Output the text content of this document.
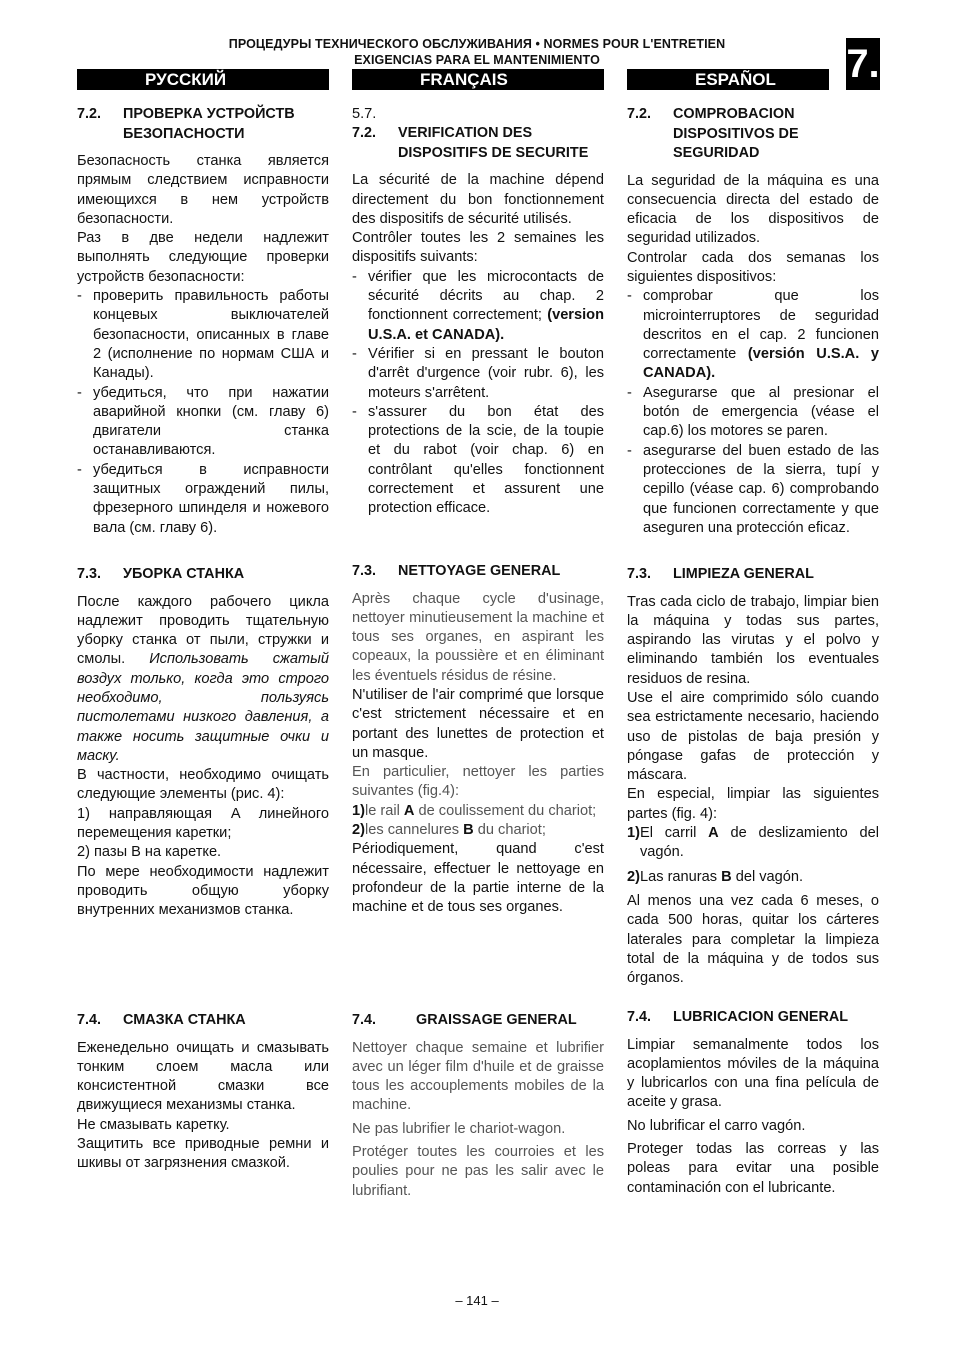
ПРОЦЕДУРЫ ТЕХНИЧЕСКОГО ОБСЛУЖИВАНИЯ • NORMES POUR L'ENTRETIEN
EXIGENCIAS PARA EL MANTENIMIENTO	7.
РУССКИЙ	FRANÇAIS	ESPAÑOL
7.2.	ПРОВЕРКА УСТРОЙСТВ БЕЗОПАСНОСТИ

Безопасность станка является прямым следствием исправности имеющихся в нем устройств безопасности.

Раз в две недели надлежит выполнять следующие проверки устройств безопасности:

- проверить правильность работы концевых выключателей безопасности, описанных в главе 2 (исполнение по нормам США и Канады).
- убедиться, что при нажатии аварийной кнопки (см. главу 6) двигатели станка останавливаются.
- убедиться в исправности защитных ограждений пилы, фрезерного шпинделя и ножевого вала (см. главу 6).
7.3.	УБОРКА СТАНКА

После каждого рабочего цикла надлежит проводить тщательную уборку станка от пыли, стружки и смолы. Использовать сжатый воздух только, когда это строго необходимо, пользуясь пистолетами низкого давления, а также носить защитные очки и маску.

В частности, необходимо очищать следующие элементы (рис. 4):

1) направляющая A линейного перемещения каретки;

2) пазы B на каретке.

По мере необходимости надлежит проводить общую уборку внутренних механизмов станка.

7.4.	СМАЗКА СТАНКА

Еженедельно очищать и смазывать тонким слоем масла или консистентной смазки все движущиеся механизмы станка.

Не смазывать каретку.

Защитить все приводные ремни и шкивы от загрязнения смазкой.

5.7.

7.2.	VERIFICATION DES DISPOSITIFS DE SECURITE

La sécurité de la machine dépend directement du bon fonctionnement des dispositifs de sécurité utilisés.

Contrôler toutes les 2 semaines les dispositifs suivants:

- vérifier que les microcontacts de sécurité décrits au chap. 2 fonctionnent correctement; (version U.S.A. et CANADA).
- Vérifier si en pressant le bouton d'arrêt d'urgence (voir rubr. 6), les moteurs s'arrêtent.
- s'assurer du bon état des protections de la scie, de la toupie et du rabot (voir chap. 6) en contrôlant qu'elles fonctionnent correctement et assurent une protection efficace.
7.3.	NETTOYAGE GENERAL

Après chaque cycle d'usinage, nettoyer minutieusement la machine et tous ses organes, en aspirant les copeaux, la poussière et en éliminant les éventuels résidus de résine.

N'utiliser de l'air comprimé que lorsque c'est strictement nécessaire et en portant des lunettes de protection et un masque.

En particulier, nettoyer les parties suivantes (fig.4):

1) le rail A de coulissement du chariot;
2) les cannelures B du chariot;

Périodiquement, quand c'est nécessaire, effectuer le nettoyage en profondeur de la partie interne de la machine et de tous ses organes.

7.4.	GRAISSAGE GENERAL

Nettoyer chaque semaine et lubrifier avec un léger film d'huile et de graisse tous les accouplements mobiles de la machine.

Ne pas lubrifier le chariot-wagon.

Protéger toutes les courroies et les poulies pour ne pas les salir avec le lubrifiant.

7.2.	COMPROBACION DISPOSITIVOS DE SEGURIDAD

La seguridad de la máquina es una consecuencia directa del estado de eficacia de los dispositivos de seguridad utilizados.

Controlar cada dos semanas los siguientes dispositivos:

- comprobar que los microinterruptores de seguridad descritos en el cap. 2 funcionen correctamente (versión U.S.A. y CANADA).
- Asegurarse que al presionar el botón de emergencia (véase el cap.6) los motores se paren.
- asegurarse del buen estado de las protecciones de la sierra, tupí y cepillo (véase cap. 6) comprobando que funcionen correctamente y que aseguren una protección eficaz.
7.3.	LIMPIEZA GENERAL

Tras cada ciclo de trabajo, limpiar bien la máquina y todas sus partes, aspirando las virutas y el polvo y eliminando también los eventuales residuos de resina.

Use el aire comprimido sólo cuando sea estrictamente necesario, haciendo uso de pistolas de baja presión y póngase gafas de protección y máscara.

En especial, limpiar las siguientes partes (fig. 4):

1) El carril A de deslizamiento del vagón.
2) Las ranuras B del vagón.

Al menos una vez cada 6 meses, o cada 500 horas, quitar los cárteres laterales para completar la limpieza total de la máquina y de todos sus órganos.

7.4.	LUBRICACION GENERAL

Limpiar semanalmente todos los acoplamientos móviles de la máquina y lubricarlos con una fina película de aceite y grasa.

No lubrificar el carro vagón.

Proteger todas las correas y las poleas para evitar una posible contaminación con el lubricante.

– 141 –
